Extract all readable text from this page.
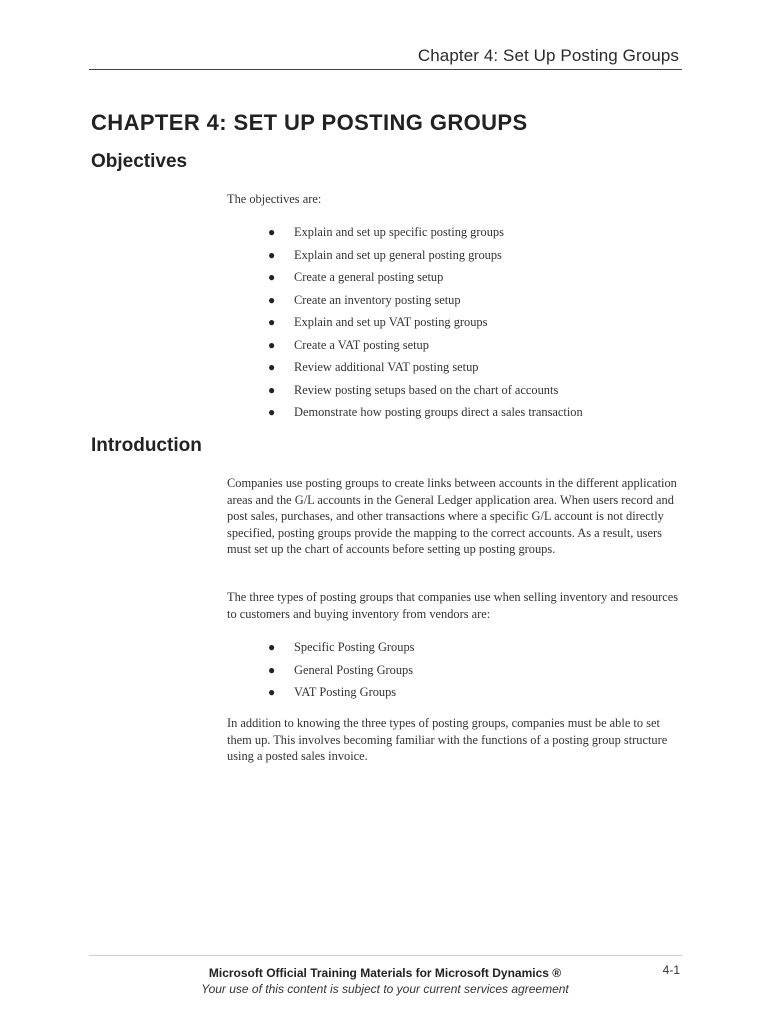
Chapter 4: Set Up Posting Groups
CHAPTER 4: SET UP POSTING GROUPS
Objectives

The objectives are:

● Explain and set up specific posting groups
● Explain and set up general posting groups
● Create a general posting setup
● Create an inventory posting setup
● Explain and set up VAT posting groups
● Create a VAT posting setup
● Review additional VAT posting setup
● Review posting setups based on the chart of accounts
● Demonstrate how posting groups direct a sales transaction
Introduction

Companies use posting groups to create links between accounts in the different application areas and the G/L accounts in the General Ledger application area. When users record and post sales, purchases, and other transactions where a specific G/L account is not directly specified, posting groups provide the mapping to the correct accounts. As a result, users must set up the chart of accounts before setting up posting groups.

The three types of posting groups that companies use when selling inventory and resources to customers and buying inventory from vendors are:

● Specific Posting Groups
● General Posting Groups
● VAT Posting Groups

In addition to knowing the three types of posting groups, companies must be able to set them up. This involves becoming familiar with the functions of a posting group structure using a posted sales invoice.

Microsoft Official Training Materials for Microsoft Dynamics ®
Your use of this content is subject to your current services agreement
4-1
